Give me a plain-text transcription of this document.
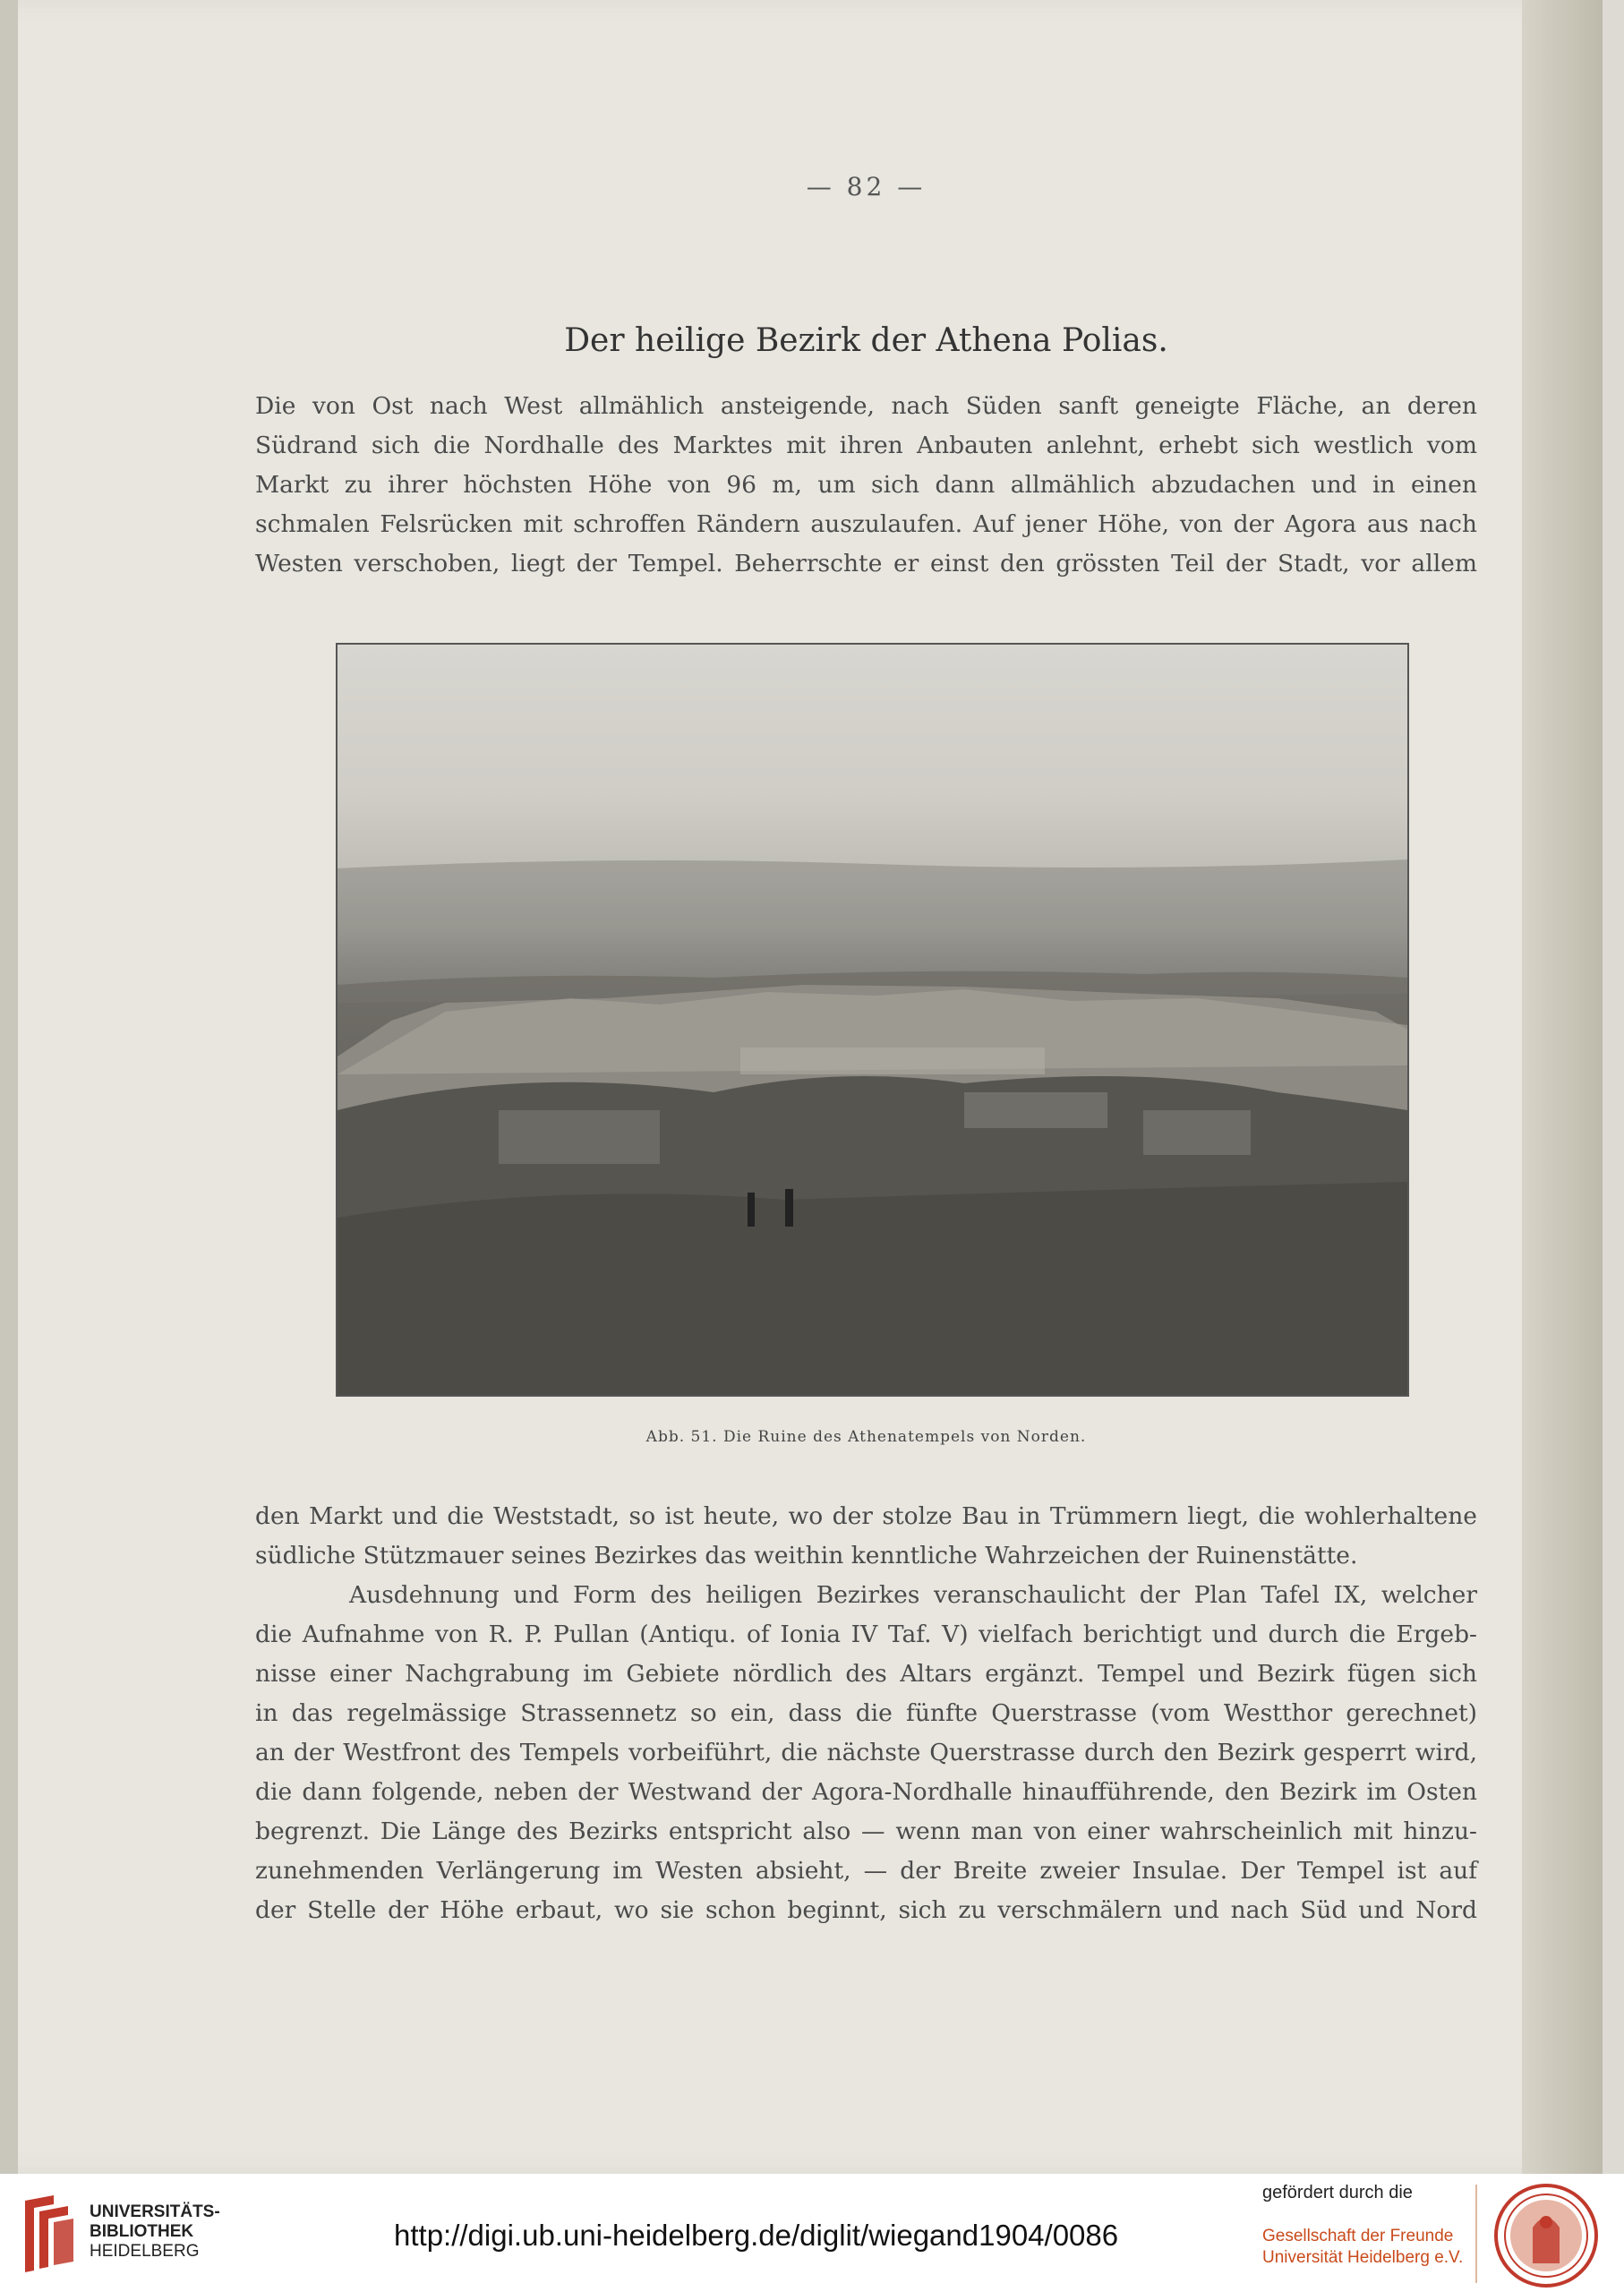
— 82 —
Der heilige Bezirk der Athena Polias.
Die von Ost nach West allmählich ansteigende, nach Süden sanft geneigte Fläche, an deren
Südrand sich die Nordhalle des Marktes mit ihren Anbauten anlehnt, erhebt sich westlich vom
Markt zu ihrer höchsten Höhe von 96 m, um sich dann allmählich abzudachen und in einen
schmalen Felsrücken mit schroffen Rändern auszulaufen. Auf jener Höhe, von der Agora aus nach
Westen verschoben, liegt der Tempel. Beherrschte er einst den grössten Teil der Stadt, vor allem
Abb. 51. Die Ruine des Athenatempels von Norden.
den Markt und die Weststadt, so ist heute, wo der stolze Bau in Trümmern liegt, die wohlerhaltene
südliche Stützmauer seines Bezirkes das weithin kenntliche Wahrzeichen der Ruinenstätte.
Ausdehnung und Form des heiligen Bezirkes veranschaulicht der Plan Tafel IX, welcher
die Aufnahme von R. P. Pullan (Antiqu. of Ionia IV Taf. V) vielfach berichtigt und durch die Ergeb-
nisse einer Nachgrabung im Gebiete nördlich des Altars ergänzt. Tempel und Bezirk fügen sich
in das regelmässige Strassennetz so ein, dass die fünfte Querstrasse (vom Westthor gerechnet)
an der Westfront des Tempels vorbeiführt, die nächste Querstrasse durch den Bezirk gesperrt wird,
die dann folgende, neben der Westwand der Agora-Nordhalle hinaufführende, den Bezirk im Osten
begrenzt. Die Länge des Bezirks entspricht also — wenn man von einer wahrscheinlich mit hinzu-
zunehmenden Verlängerung im Westen absieht, — der Breite zweier Insulae. Der Tempel ist auf
der Stelle der Höhe erbaut, wo sie schon beginnt, sich zu verschmälern und nach Süd und Nord
UNIVERSITÄTS-
BIBLIOTHEK
HEIDELBERG	http://digi.ub.uni-heidelberg.de/diglit/wiegand1904/0086
gefördert durch die
Gesellschaft der Freunde
Universität Heidelberg e.V.
